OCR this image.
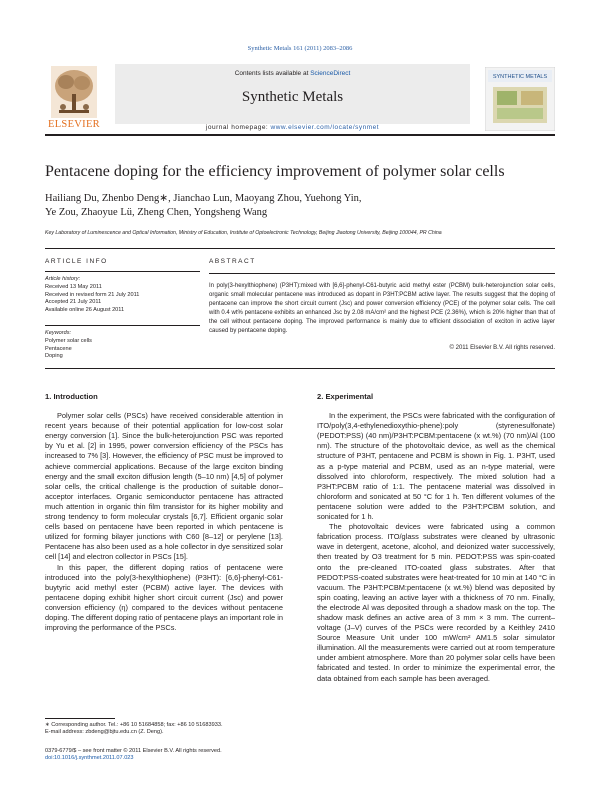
Synthetic Metals 161 (2011) 2083–2086
ELSEVIER
Contents lists available at ScienceDirect
Synthetic Metals
journal homepage: www.elsevier.com/locate/synmet
SYNTHETIC METALS
Pentacene doping for the efficiency improvement of polymer solar cells
Hailiang Du, Zhenbo Deng∗, Jianchao Lun, Maoyang Zhou, Yuehong Yin,
Ye Zou, Zhaoyue Lü, Zheng Chen, Yongsheng Wang
Key Laboratory of Luminescence and Optical Information, Ministry of Education, Institute of Optoelectronic Technology, Beijing Jiaotong University, Beijing 100044, PR China
ARTICLE INFO
Article history:
Received 13 May 2011
Received in revised form 21 July 2011
Accepted 21 July 2011
Available online 26 August 2011
Keywords:
Polymer solar cells
Pentacene
Doping
ABSTRACT
In poly(3-hexylthiophene) (P3HT):mixed with [6,6]-phenyl-C61-butyric acid methyl ester (PCBM) bulk-heterojunction solar cells, organic small molecular pentacene was introduced as dopant in P3HT:PCBM active layer. The results suggest that the doping of pentacene can improve the short circuit current (Jsc) and power conversion efficiency (PCE) of the polymer solar cells. The cell with 0.4 wt% pentacene exhibits an enhanced Jsc by 2.08 mA/cm² and the highest PCE (2.36%), which is 20% higher than that of the cell without pentacene doping. The improved performance is mainly due to efficient dissociation of exciton in active layer caused by pentacene doping.
© 2011 Elsevier B.V. All rights reserved.
1. Introduction

Polymer solar cells (PSCs) have received considerable attention in recent years because of their potential application for low-cost solar energy conversion [1]. Since the bulk-heterojunction PSC was reported by Yu et al. [2] in 1995, power conversion efficiency of the PSCs has increased to 7% [3]. However, the efficiency of PSC must be improved to achieve commercial applications. Because of the large exciton binding energy and the small exciton diffusion length (5–10 nm) [4,5] of polymer solar cells, the critical challenge is the production of suitable donor–acceptor interfaces. Organic semiconductor pentacene has attracted much attention in organic thin film transistor for its higher mobility and strong tendency to form molecular crystals [6,7]. Efficient organic solar cells based on pentacene have been reported in which pentacene is utilized for forming bilayer junctions with C60 [8–12] or perylene [13]. Pentacene has also been used as a hole collector in dye sensitized solar cell [14] and electron collector in PSCs [15].

In this paper, the different doping ratios of pentacene were introduced into the poly(3-hexylthiophene) (P3HT): [6,6]-phenyl-C61-buytyric acid methyl ester (PCBM) active layer. The devices with pentacene doping exhibit higher short circuit current (Jsc) and power conversion efficiency (η) compared to the devices without pentacene doping. The different doping ratio of pentacene plays an important role in improving the performance of the PSCs.

2. Experimental

In the experiment, the PSCs were fabricated with the configuration of ITO/poly(3,4-ethylenedioxythio-phene):poly (styrenesulfonate) (PEDOT:PSS) (40 nm)/P3HT:PCBM:pentacene (x wt.%) (70 nm)/Al (100 nm). The structure of the photovoltaic device, as well as the chemical structure of P3HT, pentacene and PCBM is shown in Fig. 1. P3HT, used as a p-type material and PCBM, used as an n-type material, were dissolved into chloroform, respectively. The mixed solution had a P3HT:PCBM ratio of 1:1. The pentacene material was dissolved in chloroform and sonicated at 50 °C for 1 h. Ten different volumes of the pentacene solution were added to the P3HT:PCBM solution, and sonicated for 1 h.

The photovoltaic devices were fabricated using a common fabrication process. ITO/glass substrates were cleaned by ultrasonic wave in detergent, acetone, alcohol, and deionized water successively, then treated by O3 treatment for 5 min. PEDOT:PSS was spin-coated onto the pre-cleaned ITO-coated glass substrates. After that PEDOT:PSS-coated substrates were heat-treated for 10 min at 140 °C in vacuum. The P3HT:PCBM:pentacene (x wt.%) blend was deposited by spin coating, leaving an active layer with a thickness of 70 nm. Finally, the electrode Al was deposited through a shadow mask on the top. The shadow mask defines an active area of 3 mm × 3 mm. The current–voltage (J–V) curves of the PSCs were recorded by a Keithley 2410 Source Measure Unit under 100 mW/cm² AM1.5 solar simulator illumination. All the measurements were carried out at room temperature under ambient atmosphere. More than 20 polymer solar cells have been fabricated and tested. In order to minimize the experimental error, the data obtained from each sample has been averaged.

∗ Corresponding author. Tel.: +86 10 51684858; fax: +86 10 51683933.
E-mail address: zbdeng@bjtu.edu.cn (Z. Deng).
0379-6779/$ – see front matter © 2011 Elsevier B.V. All rights reserved.
doi:10.1016/j.synthmet.2011.07.023
